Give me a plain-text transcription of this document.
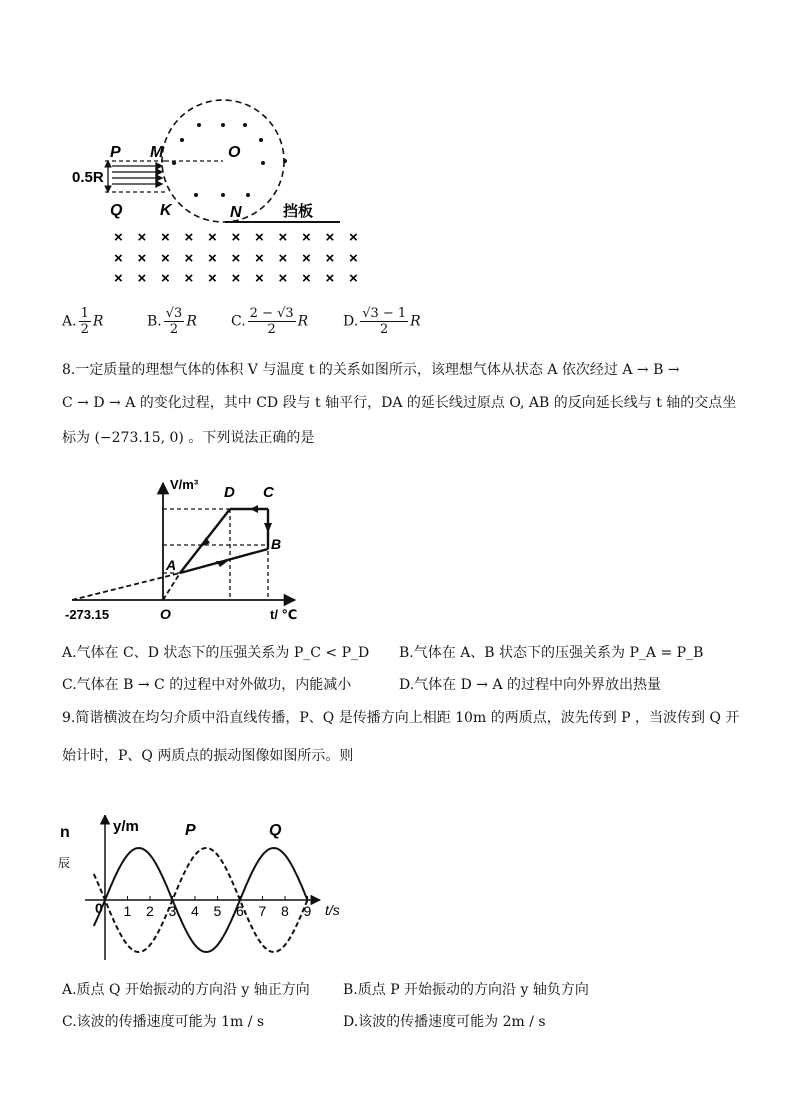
P M	O
0.5R
Q K	N	挡板
× × × × × × × × × × ×
× × × × × × × × × × ×
× × × × × × × × × × ×
A. $\frac{1}{2}$ R	B. $\frac{√3}{2}$ R C. $\frac{2 - √3}{2}$ R D. $\frac{√3 - 1}{2}$ R
8.一定质量的理想气体的体积 V 与温度 t 的关系如图所示，该理想气体从状态 A 依次经过 A → B →
C → D → A 的变化过程，其中 CD 段与 t 轴平行，DA 的延长线过原点 O, AB 的反向延长线与 t 轴的交点坐
标为 (−273.15, 0) 。下列说法正确的是
V/m³ D C
B
A
O
-273.15	t/ ℃
A.气体在 C、D 状态下的压强关系为 P_C < P_D B.气体在 A、B 状态下的压强关系为 P_A = P_B
C.气体在 B → C 的过程中对外做功，内能减小	D.气体在 D → A 的过程中向外界放出热量
9.简谐横波在均匀介质中沿直线传播，P、Q 是传播方向上相距 10m 的两质点，波先传到 P ，当波传到 Q 开
始计时，P、Q 两质点的振动图像如图所示。则
n
辰
y/m
0	t/s
P	Q
1 2 3 4 5 6 7 8 9
A.质点 Q 开始振动的方向沿 y 轴正方向 B.质点 P 开始振动的方向沿 y 轴负方向
C.该波的传播速度可能为 1m / s	D.该波的传播速度可能为 2m / s
